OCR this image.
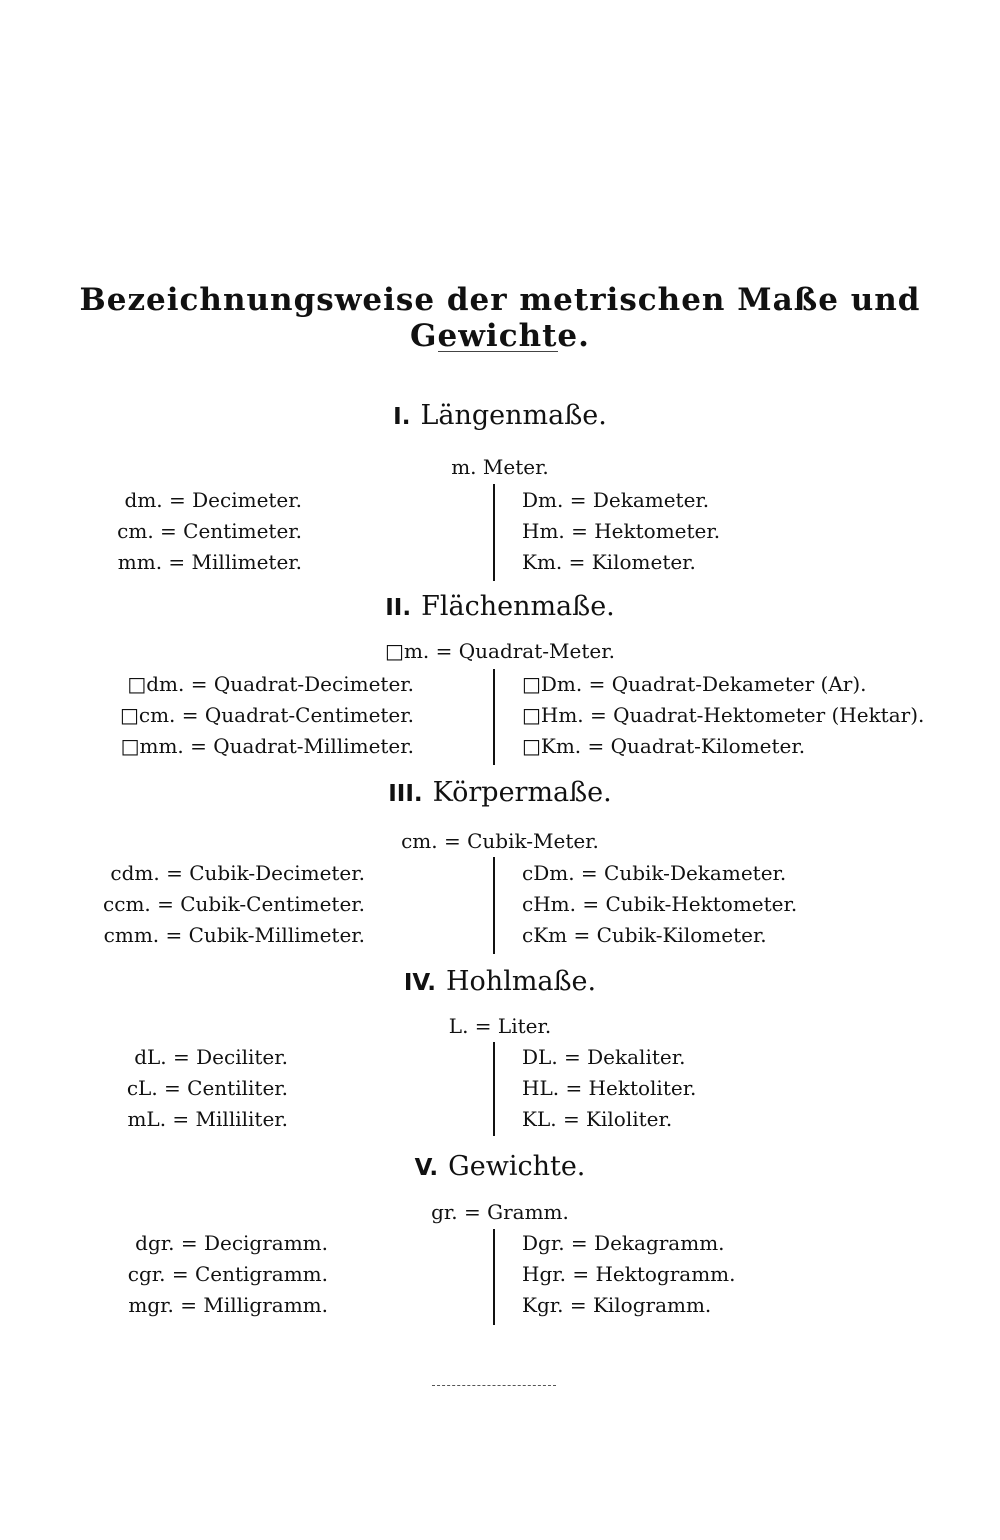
Bezeichnungsweise der metrischen Maße und Gewichte.
I. Längenmaße.
m. Meter.
dm. = Decimeter.
cm. = Centimeter.
mm. = Millimeter.
Dm. = Dekameter.
Hm. = Hektometer.
Km. = Kilometer.
II. Flächenmaße.
□m. = Quadrat-Meter.
□dm. = Quadrat-Decimeter.
□cm. = Quadrat-Centimeter.
□mm. = Quadrat-Millimeter.
□Dm. = Quadrat-Dekameter (Ar).
□Hm. = Quadrat-Hektometer (Hektar).
□Km. = Quadrat-Kilometer.
III. Körpermaße.
cm. = Cubik-Meter.
cdm. = Cubik-Decimeter.
ccm. = Cubik-Centimeter.
cmm. = Cubik-Millimeter.
cDm. = Cubik-Dekameter.
cHm. = Cubik-Hektometer.
cKm = Cubik-Kilometer.
IV. Hohlmaße.
L. = Liter.
dL. = Deciliter.
cL. = Centiliter.
mL. = Milliliter.
DL. = Dekaliter.
HL. = Hektoliter.
KL. = Kiloliter.
V. Gewichte.
gr. = Gramm.
dgr. = Decigramm.
cgr. = Centigramm.
mgr. = Milligramm.
Dgr. = Dekagramm.
Hgr. = Hektogramm.
Kgr. = Kilogramm.
